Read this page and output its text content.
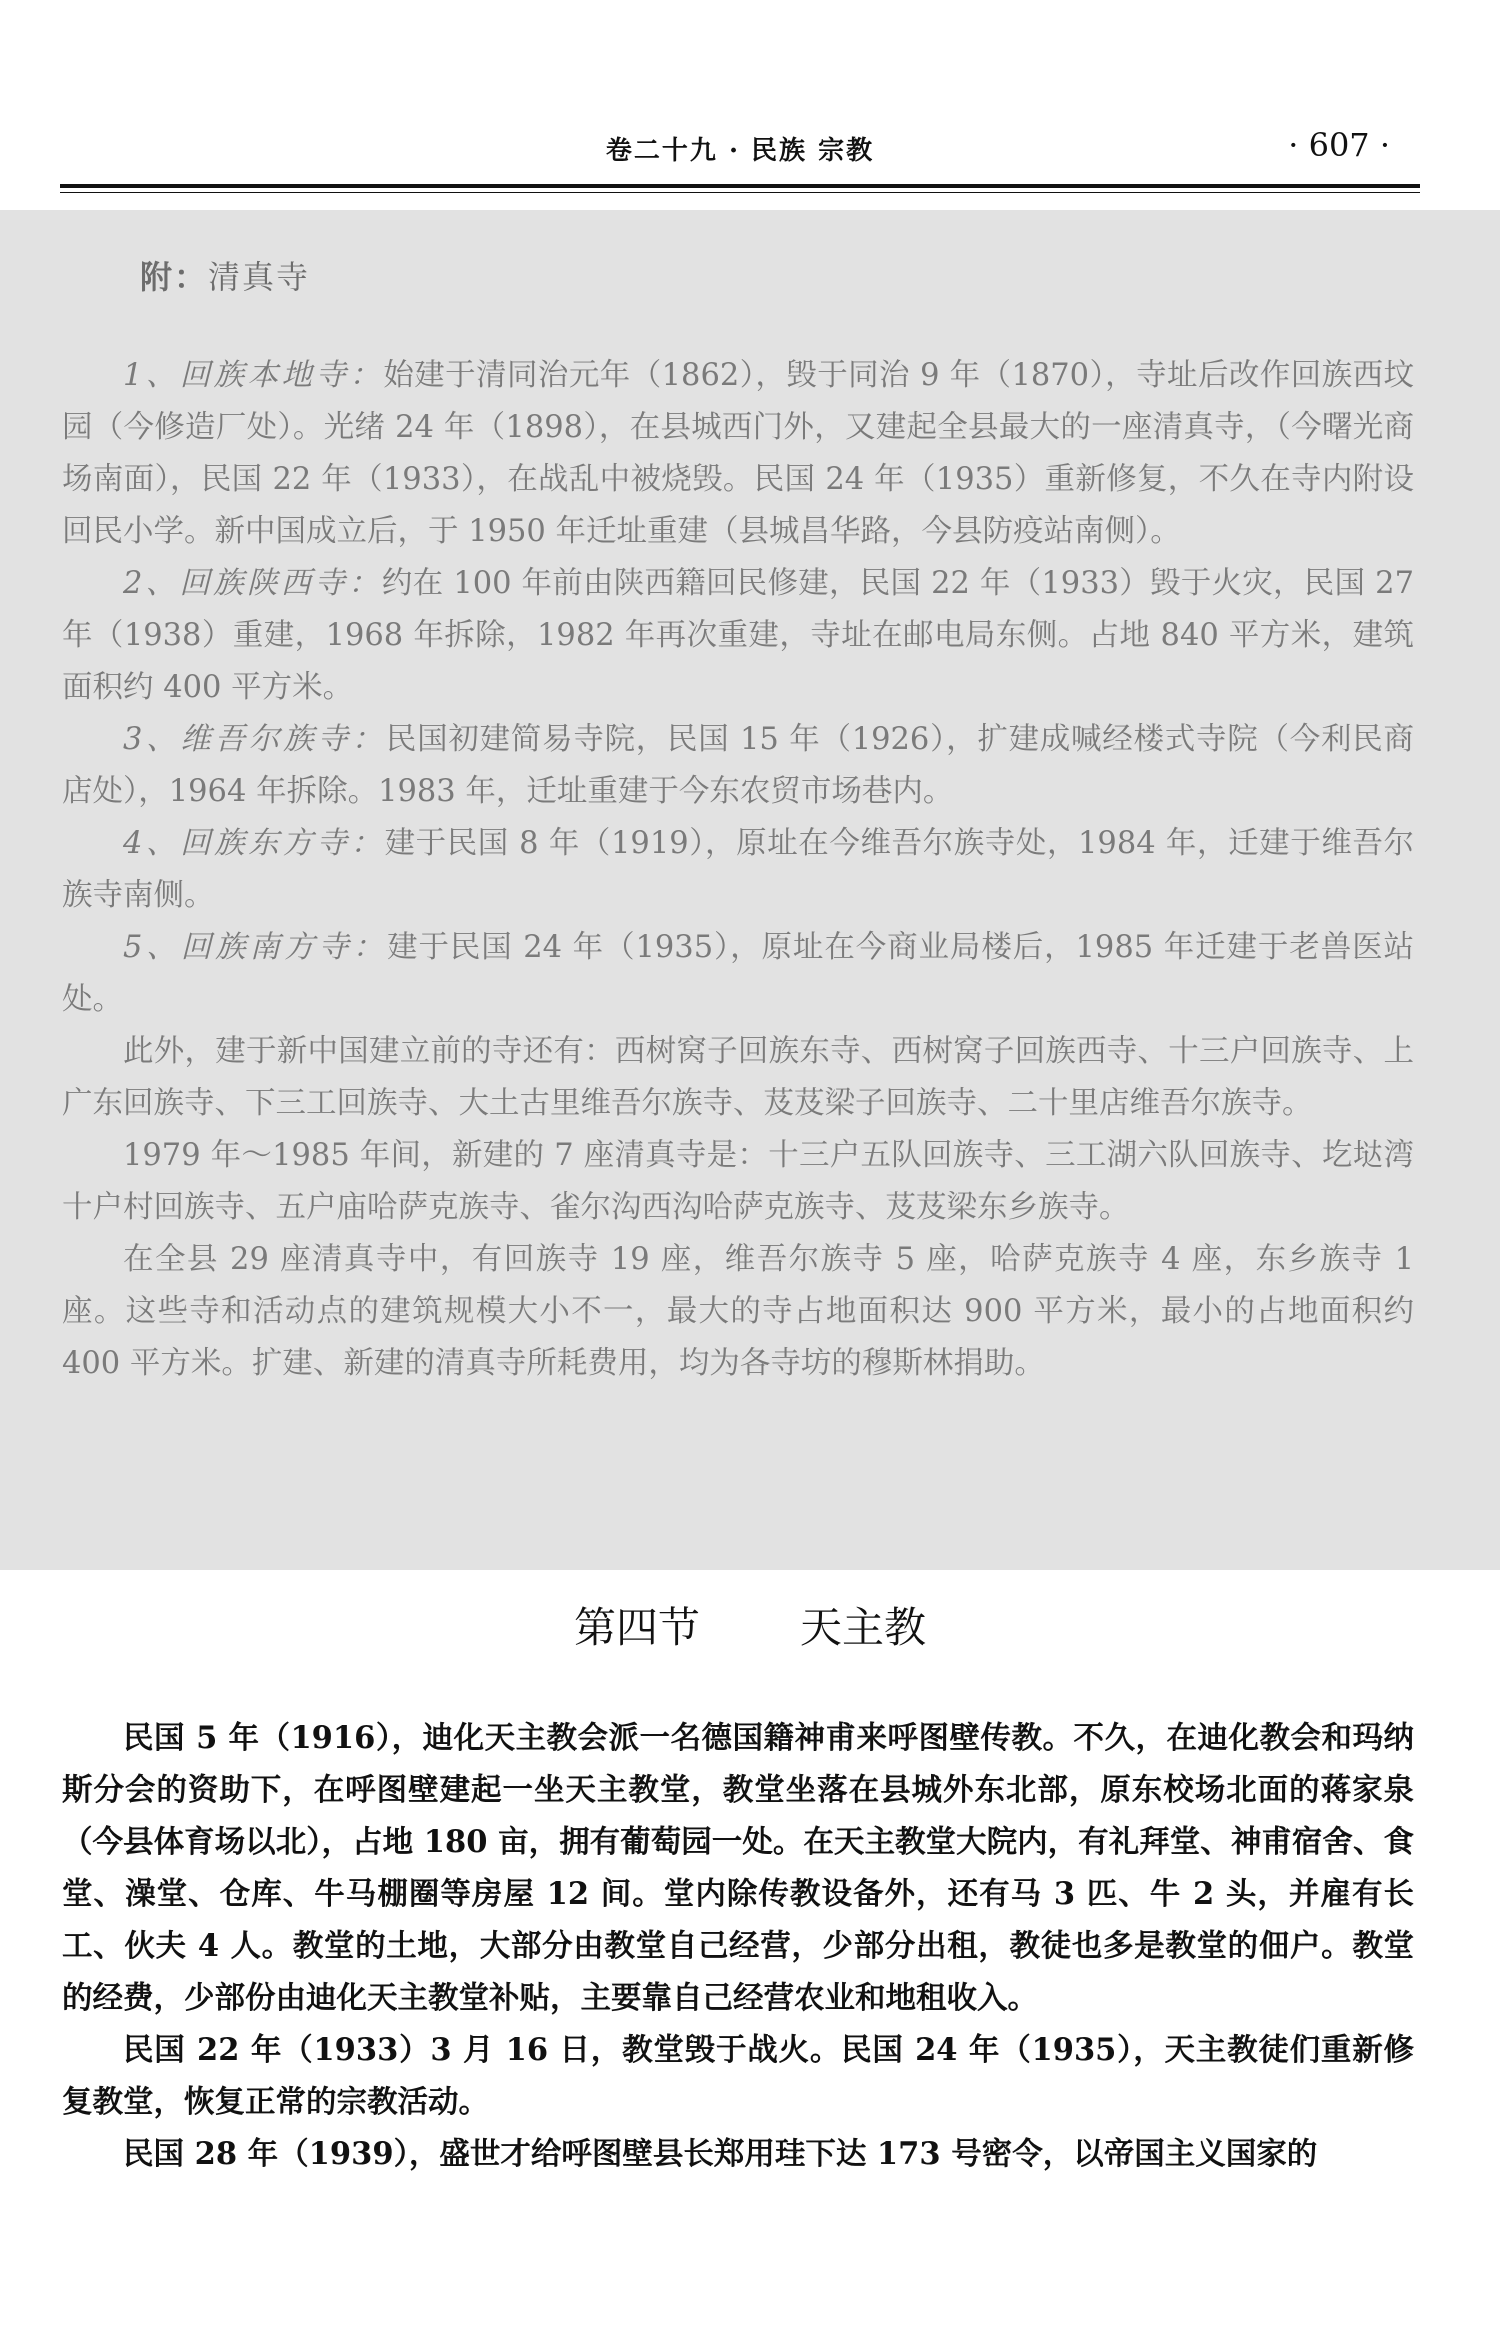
卷二十九 · 民族 宗教	· 607 ·
附：清真寺

1、回族本地寺：始建于清同治元年（1862），毁于同治 9 年（1870），寺址后改作回族西坟园（今修造厂处）。光绪 24 年（1898），在县城西门外，又建起全县最大的一座清真寺，（今曙光商场南面），民国 22 年（1933），在战乱中被烧毁。民国 24 年（1935）重新修复，不久在寺内附设回民小学。新中国成立后，于 1950 年迁址重建（县城昌华路，今县防疫站南侧）。

2、回族陕西寺：约在 100 年前由陕西籍回民修建，民国 22 年（1933）毁于火灾，民国 27 年（1938）重建，1968 年拆除，1982 年再次重建，寺址在邮电局东侧。占地 840 平方米，建筑面积约 400 平方米。

3、维吾尔族寺：民国初建简易寺院，民国 15 年（1926），扩建成喊经楼式寺院（今利民商店处），1964 年拆除。1983 年，迁址重建于今东农贸市场巷内。

4、回族东方寺：建于民国 8 年（1919），原址在今维吾尔族寺处，1984 年，迁建于维吾尔族寺南侧。

5、回族南方寺：建于民国 24 年（1935），原址在今商业局楼后，1985 年迁建于老兽医站处。

此外，建于新中国建立前的寺还有：西树窝子回族东寺、西树窝子回族西寺、十三户回族寺、上广东回族寺、下三工回族寺、大土古里维吾尔族寺、芨芨梁子回族寺、二十里店维吾尔族寺。

1979 年～1985 年间，新建的 7 座清真寺是：十三户五队回族寺、三工湖六队回族寺、圪垯湾十户村回族寺、五户庙哈萨克族寺、雀尔沟西沟哈萨克族寺、芨芨梁东乡族寺。

在全县 29 座清真寺中，有回族寺 19 座，维吾尔族寺 5 座，哈萨克族寺 4 座，东乡族寺 1 座。这些寺和活动点的建筑规模大小不一，最大的寺占地面积达 900 平方米，最小的占地面积约 400 平方米。扩建、新建的清真寺所耗费用，均为各寺坊的穆斯林捐助。

第四节 天主教

民国 5 年（1916），迪化天主教会派一名德国籍神甫来呼图壁传教。不久，在迪化教会和玛纳斯分会的资助下，在呼图壁建起一坐天主教堂，教堂坐落在县城外东北部，原东校场北面的蒋家泉（今县体育场以北），占地 180 亩，拥有葡萄园一处。在天主教堂大院内，有礼拜堂、神甫宿舍、食堂、澡堂、仓库、牛马棚圈等房屋 12 间。堂内除传教设备外，还有马 3 匹、牛 2 头，并雇有长工、伙夫 4 人。教堂的土地，大部分由教堂自己经营，少部分出租，教徒也多是教堂的佃户。教堂的经费，少部份由迪化天主教堂补贴，主要靠自己经营农业和地租收入。

民国 22 年（1933）3 月 16 日，教堂毁于战火。民国 24 年（1935），天主教徒们重新修复教堂，恢复正常的宗教活动。

民国 28 年（1939），盛世才给呼图壁县长郑用珪下达 173 号密令，以帝国主义国家的
